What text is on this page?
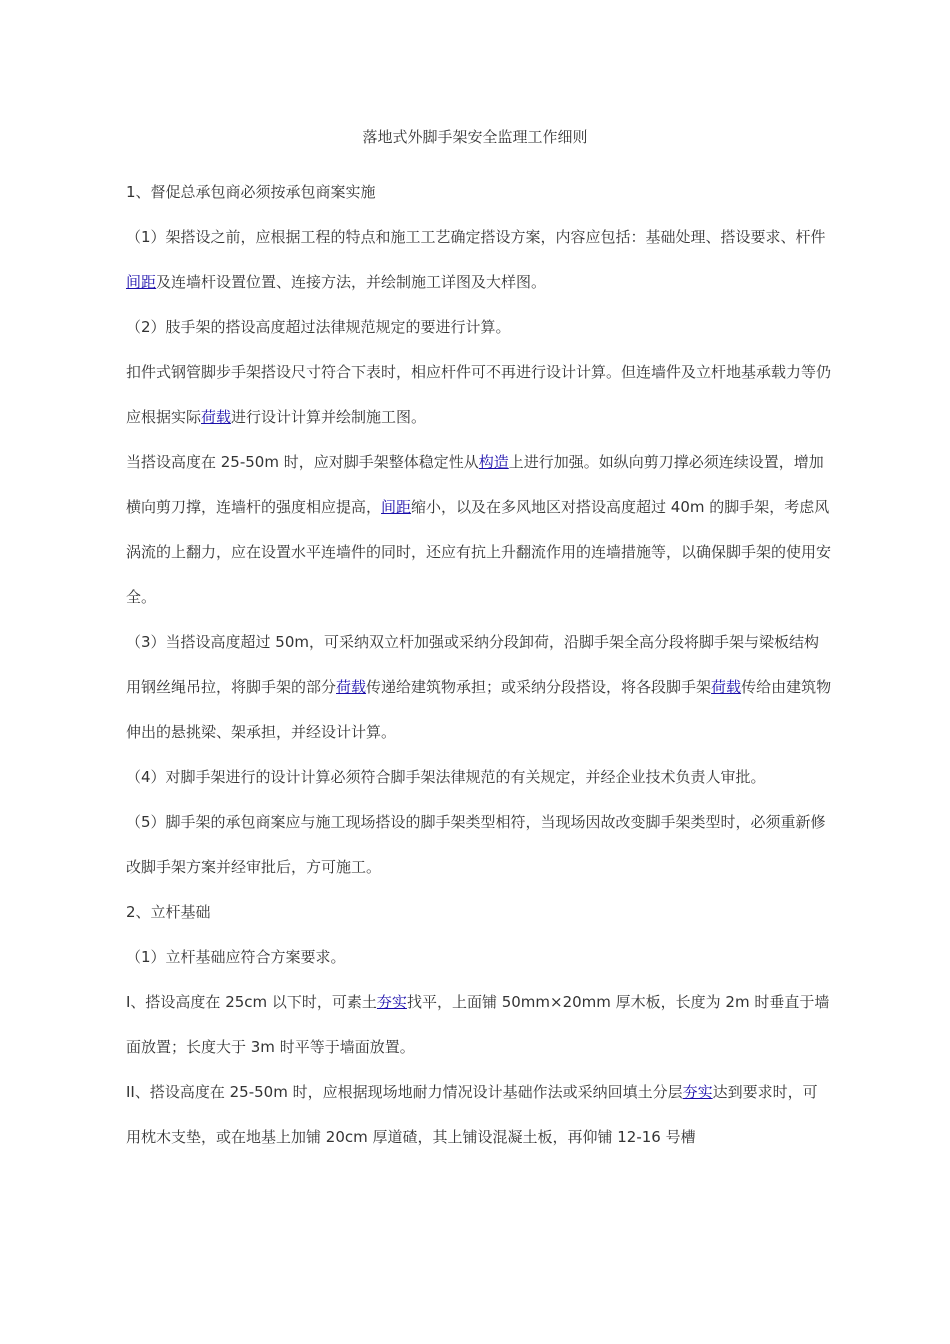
落地式外脚手架安全监理工作细则

1、督促总承包商必须按承包商案实施

（1）架搭设之前，应根据工程的特点和施工工艺确定搭设方案，内容应包括：基础处理、搭设要求、杆件间距及连墙杆设置位置、连接方法，并绘制施工详图及大样图。

（2）肢手架的搭设高度超过法律规范规定的要进行计算。

扣件式钢管脚步手架搭设尺寸符合下表时，相应杆件可不再进行设计计算。但连墙件及立杆地基承载力等仍应根据实际荷载进行设计计算并绘制施工图。

当搭设高度在 25-50m 时，应对脚手架整体稳定性从构造上进行加强。如纵向剪刀撑必须连续设置，增加横向剪刀撑，连墙杆的强度相应提高，间距缩小，以及在多风地区对搭设高度超过 40m 的脚手架，考虑风涡流的上翻力，应在设置水平连墙件的同时，还应有抗上升翻流作用的连墙措施等，以确保脚手架的使用安全。

（3）当搭设高度超过 50m，可采纳双立杆加强或采纳分段卸荷，沿脚手架全高分段将脚手架与梁板结构用钢丝绳吊拉，将脚手架的部分荷载传递给建筑物承担；或采纳分段搭设，将各段脚手架荷载传给由建筑物伸出的悬挑梁、架承担，并经设计计算。

（4）对脚手架进行的设计计算必须符合脚手架法律规范的有关规定，并经企业技术负责人审批。

（5）脚手架的承包商案应与施工现场搭设的脚手架类型相符，当现场因故改变脚手架类型时，必须重新修改脚手架方案并经审批后，方可施工。

2、立杆基础

（1）立杆基础应符合方案要求。

I、搭设高度在 25cm 以下时，可素土夯实找平，上面铺 50mm×20mm 厚木板，长度为 2m 时垂直于墙面放置；长度大于 3m 时平等于墙面放置。

II、搭设高度在 25-50m 时，应根据现场地耐力情况设计基础作法或采纳回填土分层夯实达到要求时，可用枕木支垫，或在地基上加铺 20cm 厚道碴，其上铺设混凝土板，再仰铺 12-16 号槽
